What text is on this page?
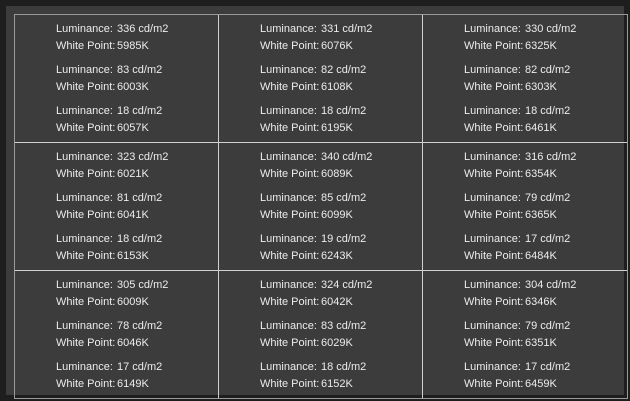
Luminance: 336 cd/m2
White Point: 5985K
Luminance: 83 cd/m2
White Point: 6003K
Luminance: 18 cd/m2
White Point: 6057K
Luminance: 331 cd/m2
White Point: 6076K
Luminance: 82 cd/m2
White Point: 6108K
Luminance: 18 cd/m2
White Point: 6195K
Luminance: 330 cd/m2
White Point: 6325K
Luminance: 82 cd/m2
White Point: 6303K
Luminance: 18 cd/m2
White Point: 6461K
Luminance: 323 cd/m2
White Point: 6021K
Luminance: 81 cd/m2
White Point: 6041K
Luminance: 18 cd/m2
White Point: 6153K
Luminance: 340 cd/m2
White Point: 6089K
Luminance: 85 cd/m2
White Point: 6099K
Luminance: 19 cd/m2
White Point: 6243K
Luminance: 316 cd/m2
White Point: 6354K
Luminance: 79 cd/m2
White Point: 6365K
Luminance: 17 cd/m2
White Point: 6484K
Luminance: 305 cd/m2
White Point: 6009K
Luminance: 78 cd/m2
White Point: 6046K
Luminance: 17 cd/m2
White Point: 6149K
Luminance: 324 cd/m2
White Point: 6042K
Luminance: 83 cd/m2
White Point: 6029K
Luminance: 18 cd/m2
White Point: 6152K
Luminance: 304 cd/m2
White Point: 6346K
Luminance: 79 cd/m2
White Point: 6351K
Luminance: 17 cd/m2
White Point: 6459K
